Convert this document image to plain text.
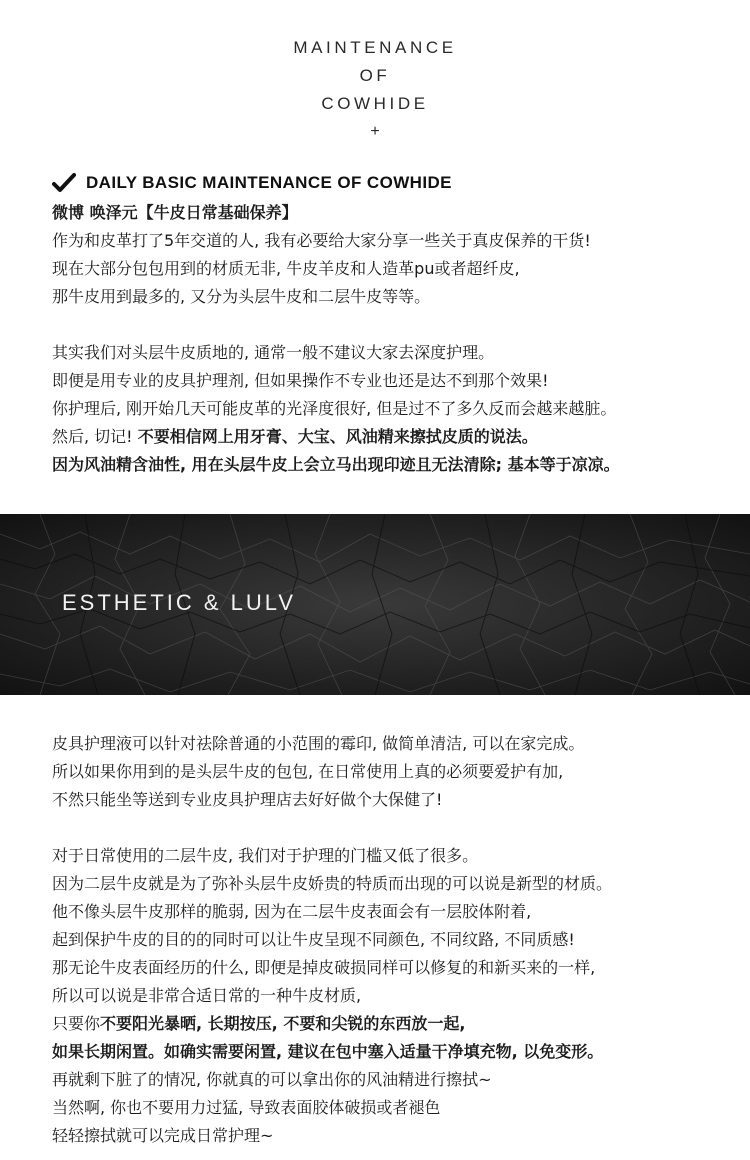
MAINTENANCE
OF
COWHIDE
+
DAILY BASIC MAINTENANCE OF COWHIDE

微博 唤泽元【牛皮日常基础保养】

作为和皮革打了5年交道的人, 我有必要给大家分享一些关于真皮保养的干货!

现在大部分包包用到的材质无非, 牛皮羊皮和人造革pu或者超纤皮,

那牛皮用到最多的, 又分为头层牛皮和二层牛皮等等。

其实我们对头层牛皮质地的, 通常一般不建议大家去深度护理。

即便是用专业的皮具护理剂, 但如果操作不专业也还是达不到那个效果!

你护理后, 刚开始几天可能皮革的光泽度很好, 但是过不了多久反而会越来越脏。

然后, 切记! 不要相信网上用牙膏、大宝、风油精来擦拭皮质的说法。

因为风油精含油性, 用在头层牛皮上会立马出现印迹且无法清除; 基本等于凉凉。

ESTHETIC & LULV

皮具护理液可以针对祛除普通的小范围的霉印, 做简单清洁, 可以在家完成。

所以如果你用到的是头层牛皮的包包, 在日常使用上真的必须要爱护有加,

不然只能坐等送到专业皮具护理店去好好做个大保健了!

对于日常使用的二层牛皮, 我们对于护理的门槛又低了很多。

因为二层牛皮就是为了弥补头层牛皮娇贵的特质而出现的可以说是新型的材质。

他不像头层牛皮那样的脆弱, 因为在二层牛皮表面会有一层胶体附着,

起到保护牛皮的目的的同时可以让牛皮呈现不同颜色, 不同纹路, 不同质感!

那无论牛皮表面经历的什么, 即便是掉皮破损同样可以修复的和新买来的一样,

所以可以说是非常合适日常的一种牛皮材质,

只要你不要阳光暴晒, 长期按压, 不要和尖锐的东西放一起,

如果长期闲置。如确实需要闲置, 建议在包中塞入适量干净填充物, 以免变形。

再就剩下脏了的情况, 你就真的可以拿出你的风油精进行擦拭~

当然啊, 你也不要用力过猛, 导致表面胶体破损或者褪色

轻轻擦拭就可以完成日常护理~
